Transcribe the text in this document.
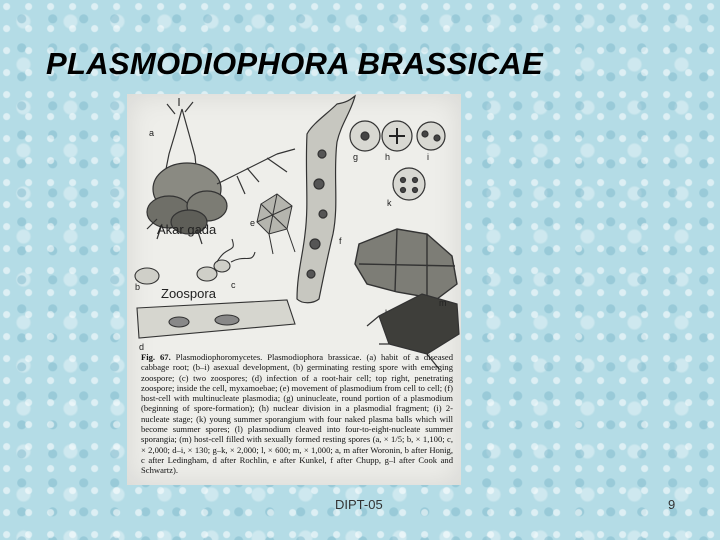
PLASMODIOPHORA BRASSICAE
a
f
g	h	i
k
e
m
b	c
d
Akar gada
Zoospora
Fig. 67. Plasmodiophoromycetes. Plasmodiophora brassicae. (a) habit of a diseased cabbage root; (b–i) asexual development, (b) germinating resting spore with emerging zoospore; (c) two zoospores; (d) infection of a root-hair cell; top right, penetrating zoospore; inside the cell, myxamoebae; (e) movement of plasmodium from cell to cell; (f) host-cell with multinucleate plasmodia; (g) uninucleate, round portion of a plasmodium (beginning of spore-formation); (h) nuclear division in a plasmodial fragment; (i) 2-nucleate stage; (k) young summer sporangium with four naked plasma balls which will become summer spores; (l) plasmodium cleaved into four-to-eight-nucleate summer sporangia; (m) host-cell filled with sexually formed resting spores (a, × 1/5; b, × 1,100; c, × 2,000; d–i, × 130; g–k, × 2,000; l, × 600; m, × 1,000; a, m after Woronin, b after Honig, c after Ledingham, d after Rochlin, e after Kunkel, f after Chupp, g–l after Cook and Schwartz).
DIPT-05	9
